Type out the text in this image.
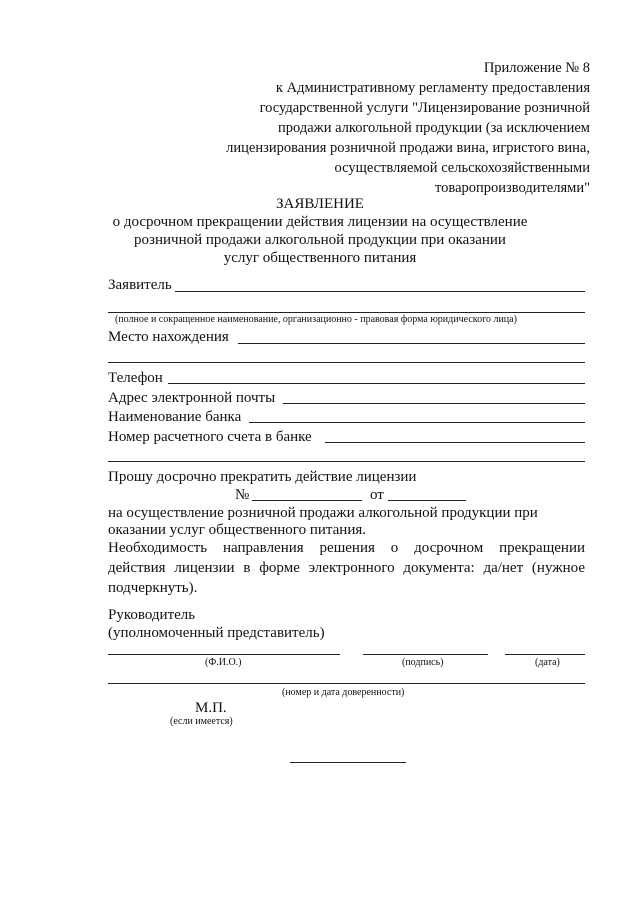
Приложение № 8
к Административному регламенту предоставления
государственной услуги "Лицензирование розничной
продажи алкогольной продукции (за исключением
лицензирования розничной продажи вина, игристого вина,
осуществляемой сельскохозяйственными
товаропроизводителями"
ЗАЯВЛЕНИЕ
о досрочном прекращении действия лицензии на осуществление
розничной продажи алкогольной продукции при оказании
услуг общественного питания
Заявитель
(полное и сокращенное наименование, организационно - правовая форма юридического лица)
Место нахождения
Телефон
Адрес электронной почты
Наименование банка
Номер расчетного счета в банке
Прошу досрочно прекратить действие лицензии
№	от
на осуществление розничной продажи алкогольной продукции при
оказании услуг общественного питания.
Необходимость направления решения о досрочном прекращении действия лицензии в форме электронного документа: да/нет (нужное подчеркнуть).
Руководитель
(уполномоченный представитель)
(Ф.И.О.)	(подпись)	(дата)
(номер и дата доверенности)
М.П.
(если имеется)
